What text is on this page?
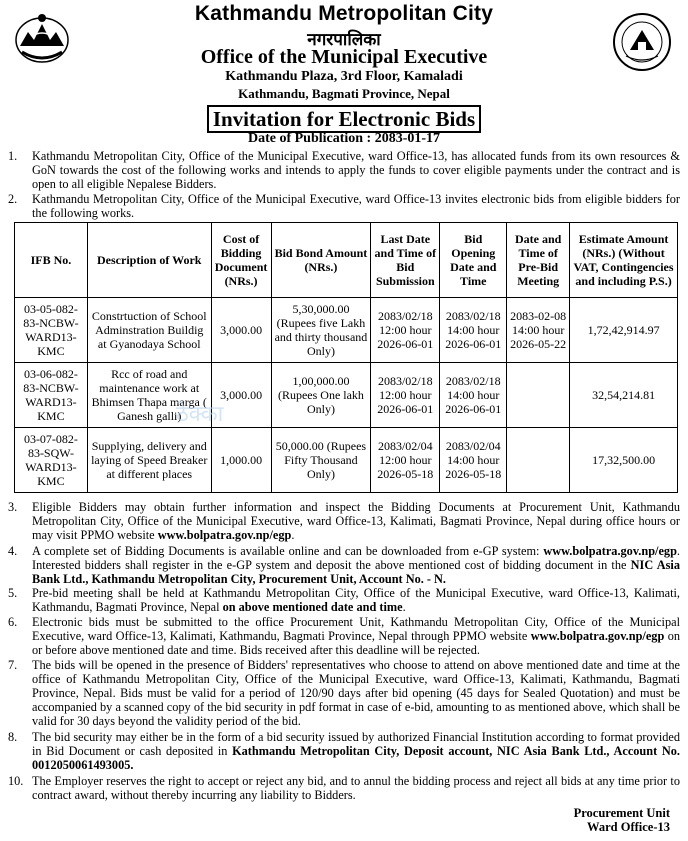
Kathmandu Metropolitan City
नगरपालिका
Office of the Municipal Executive
Kathmandu Plaza, 3rd Floor, Kamaladi
Kathmandu, Bagmati Province, Nepal
Invitation for Electronic Bids
Date of Publication : 2083-01-17
1.	Kathmandu Metropolitan City, Office of the Municipal Executive, ward Office-13, has allocated funds from its own resources & GoN towards the cost of the following works and intends to apply the funds to cover eligible payments under the contract and is open to all eligible Nepalese Bidders.
2.	Kathmandu Metropolitan City, Office of the Municipal Executive, ward Office-13 invites electronic bids from eligible bidders for the following works.
IFB No.	Description of Work	Cost of Bidding Document (NRs.)	Bid Bond Amount (NRs.)	Last Date and Time of Bid Submission	Bid Opening Date and Time	Date and Time of Pre-Bid Meeting	Estimate Amount (NRs.) (Without VAT, Contingencies and including P.S.)
03-05-082-83-NCBW-WARD13-KMC	Constrtuction of School Adminstration Buildig at Gyanodaya School	3,000.00	5,30,000.00 (Rupees five Lakh and thirty thousand Only)	2083/02/18 12:00 hour 2026-06-01	2083/02/18 14:00 hour 2026-06-01	2083-02-08 14:00 hour 2026-05-22	1,72,42,914.97
03-06-082-83-NCBW-WARD13-KMC	Rcc of road and maintenance work at Bhimsen Thapa marga ( Ganesh galli)	3,000.00	1,00,000.00 (Rupees One lakh Only)	2083/02/18 12:00 hour 2026-06-01	2083/02/18 14:00 hour 2026-06-01		32,54,214.81
03-07-082-83-SQW-WARD13-KMC	Supplying, delivery and laying of Speed Breaker at different places	1,000.00	50,000.00 (Rupees Fifty Thousand Only)	2083/02/04 12:00 hour 2026-05-18	2083/02/04 14:00 hour 2026-05-18		17,32,500.00
ठेक्का
3.	Eligible Bidders may obtain further information and inspect the Bidding Documents at Procurement Unit, Kathmandu Metropolitan City, Office of the Municipal Executive, ward Office-13, Kalimati, Bagmati Province, Nepal during office hours or may visit PPMO website www.bolpatra.gov.np/egp.
4.	A complete set of Bidding Documents is available online and can be downloaded from e-GP system: www.bolpatra.gov.np/egp. Interested bidders shall register in the e-GP system and deposit the above mentioned cost of bidding document in the NIC Asia Bank Ltd., Kathmandu Metropolitan City, Procurement Unit, Account No. - N.
5.	Pre-bid meeting shall be held at Kathmandu Metropolitan City, Office of the Municipal Executive, ward Office-13, Kalimati, Kathmandu, Bagmati Province, Nepal on above mentioned date and time.
6.	Electronic bids must be submitted to the office Procurement Unit, Kathmandu Metropolitan City, Office of the Municipal Executive, ward Office-13, Kalimati, Kathmandu, Bagmati Province, Nepal through PPMO website www.bolpatra.gov.np/egp on or before above mentioned date and time. Bids received after this deadline will be rejected.
7.	The bids will be opened in the presence of Bidders' representatives who choose to attend on above mentioned date and time at the office of Kathmandu Metropolitan City, Office of the Municipal Executive, ward Office-13, Kalimati, Kathmandu, Bagmati Province, Nepal. Bids must be valid for a period of 120/90 days after bid opening (45 days for Sealed Quotation) and must be accompanied by a scanned copy of the bid security in pdf format in case of e-bid, amounting to as mentioned above, which shall be valid for 30 days beyond the validity period of the bid.
8.	The bid security may either be in the form of a bid security issued by authorized Financial Institution according to format provided in Bid Document or cash deposited in Kathmandu Metropolitan City, Deposit account, NIC Asia Bank Ltd., Account No. 0012050061493005.
10. The Employer reserves the right to accept or reject any bid, and to annul the bidding process and reject all bids at any time prior to contract award, without thereby incurring any liability to Bidders.
Procurement Unit
Ward Office-13
